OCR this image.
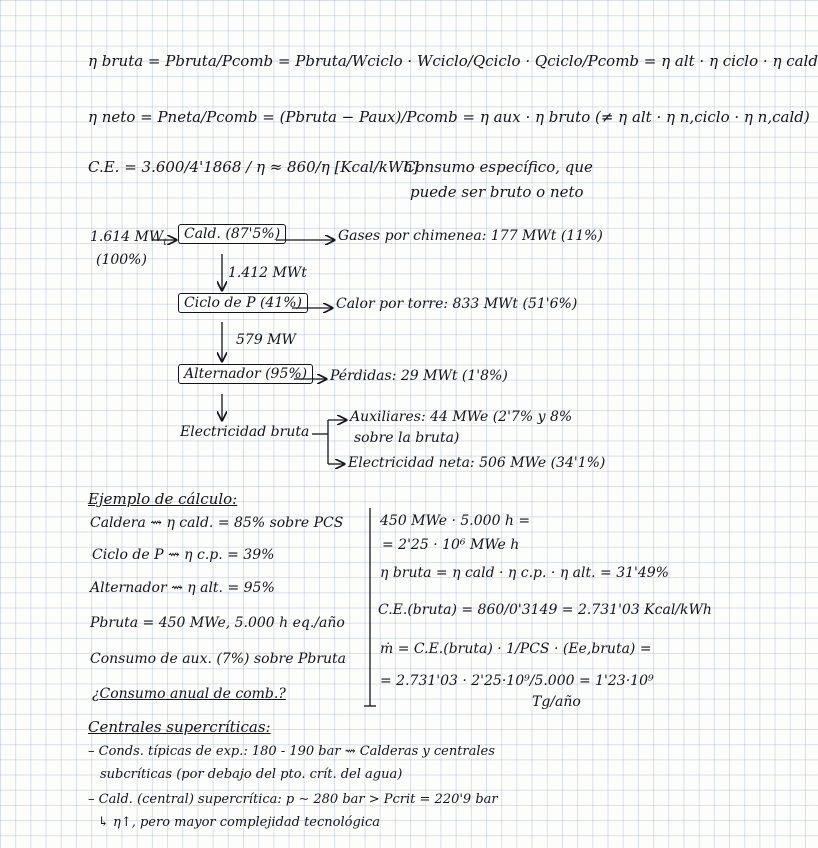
η bruta = Pbruta/Pcomb = Pbruta/Wciclo · Wciclo/Qciclo · Qciclo/Pcomb = η alt · η ciclo · η cald
η neto = Pneta/Pcomb = (Pbruta − Paux)/Pcomb = η aux · η bruto (≠ η alt · η n,ciclo · η n,cald)
C.E. = 3.600/4'1868 / η ≈ 860/η [Kcal/kWh]
Consumo específico, que
puede ser bruto o neto
1.614 $MW_t$
(100%)
Cald. (87'5%)	Gases por chimenea: 177 MWt (11%)
1.412 MWt
Ciclo de P (41%)	Calor por torre: 833 MWt (51'6%)
579 MW
Alternador (95%)	Pérdidas: 29 MWt (1'8%)
Electricidad bruta
Auxiliares: 44 MWe (2'7% y 8%
sobre la bruta)
Electricidad neta: 506 MWe (34'1%)
Ejemplo de cálculo:
Caldera ⇝ η cald. = 85% sobre PCS
Ciclo de P ⇝ η c.p. = 39%
Alternador ⇝ η alt. = 95%
Pbruta = 450 MWe, 5.000 h eq./año
Consumo de aux. (7%) sobre Pbruta
¿Consumo anual de comb.?
450 MWe · 5.000 h =
= 2'25 · 10⁶ MWe h
η bruta = η cald · η c.p. · η alt. = 31'49%
C.E.(bruta) = 860/0'3149 = 2.731'03 Kcal/kWh
ṁ = C.E.(bruta) · 1/PCS · (Ee,bruta) =
= 2.731'03 · 2'25·10⁹/5.000 = 1'23·10⁹
Tg/año
Centrales supercríticas:
– Conds. típicas de exp.: 180 - 190 bar ⇝ Calderas y centrales
subcríticas (por debajo del pto. crít. del agua)
– Cald. (central) supercrítica: p ∼ 280 bar > Pcrit = 220'9 bar
↳ η↑, pero mayor complejidad tecnológica
